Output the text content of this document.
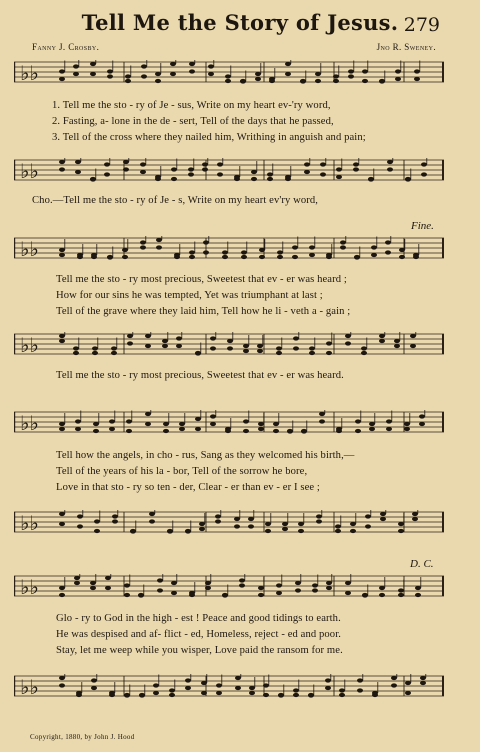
Tell Me the Story of Jesus. 279
Fanny J. Crosby.	Jno R. Sweney.
♭♭
1. Tell me the sto - ry of Je - sus, Write on my heart ev-'ry word,
2. Fasting, a- lone in the de - sert, Tell of the days that he passed,
3. Tell of the cross where they nailed him, Writhing in anguish and pain;
♭♭
Cho.—Tell me the sto - ry of Je - s, Write on my heart ev'ry word,
Fine.
♭♭
Tell me the sto - ry most precious, Sweetest that ev - er was heard ;
How for our sins he was tempted, Yet was triumphant at last ;
Tell of the grave where they laid him, Tell how he li - veth a - gain ;
♭♭
Tell me the sto - ry most precious, Sweetest that ev - er was heard.
♭♭
Tell how the angels, in cho - rus, Sang as they welcomed his birth,—
Tell of the years of his la - bor, Tell of the sorrow he bore,
Love in that sto - ry so ten - der, Clear - er than ev - er I see ;
♭♭
D. C.
♭♭
Glo - ry to God in the high - est ! Peace and good tidings to earth.
He was despised and af- flict - ed, Homeless, reject - ed and poor.
Stay, let me weep while you wisper, Love paid the ransom for me.
♭♭
Copyright, 1880, by John J. Hood
